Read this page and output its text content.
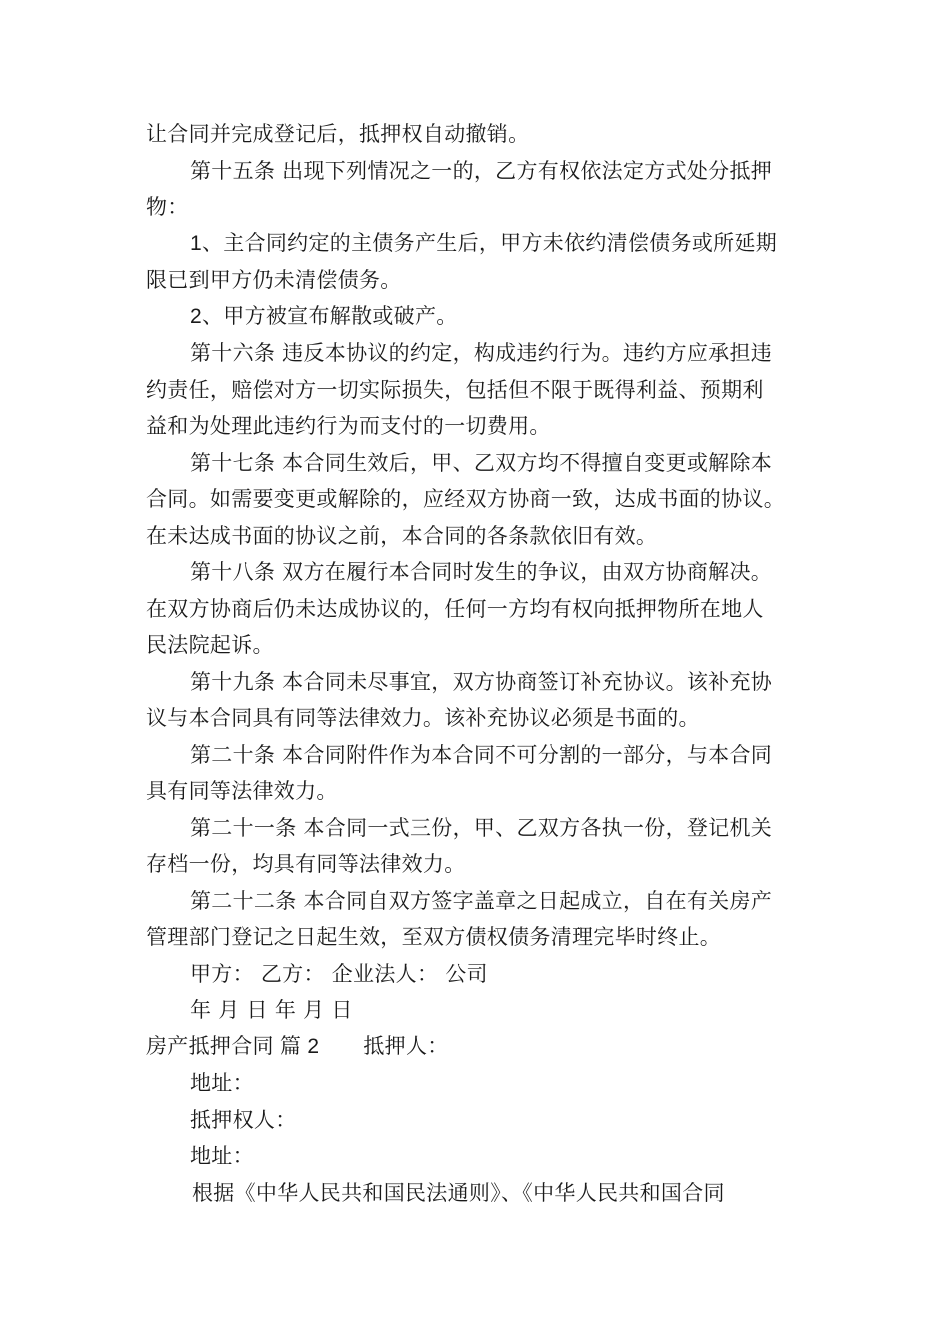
让合同并完成登记后，抵押权自动撤销。
第十五条 出现下列情况之一的，乙方有权依法定方式处分抵押
物：
1、主合同约定的主债务产生后，甲方未依约清偿债务或所延期
限已到甲方仍未清偿债务。
2、甲方被宣布解散或破产。
第十六条 违反本协议的约定，构成违约行为。违约方应承担违
约责任，赔偿对方一切实际损失，包括但不限于既得利益、预期利
益和为处理此违约行为而支付的一切费用。
第十七条 本合同生效后，甲、乙双方均不得擅自变更或解除本
合同。如需要变更或解除的，应经双方协商一致，达成书面的协议。
在未达成书面的协议之前，本合同的各条款依旧有效。
第十八条 双方在履行本合同时发生的争议，由双方协商解决。
在双方协商后仍未达成协议的，任何一方均有权向抵押物所在地人
民法院起诉。
第十九条 本合同未尽事宜，双方协商签订补充协议。该补充协
议与本合同具有同等法律效力。该补充协议必须是书面的。
第二十条 本合同附件作为本合同不可分割的一部分，与本合同
具有同等法律效力。
第二十一条 本合同一式三份，甲、乙双方各执一份，登记机关
存档一份，均具有同等法律效力。
第二十二条 本合同自双方签字盖章之日起成立，自在有关房产
管理部门登记之日起生效，至双方债权债务清理完毕时终止。
甲方： 乙方： 企业法人： 公司
年 月 日 年 月 日
房产抵押合同 篇 2 抵押人：
地址：
抵押权人：
地址：
根据《中华人民共和国民法通则》、《中华人民共和国合同
